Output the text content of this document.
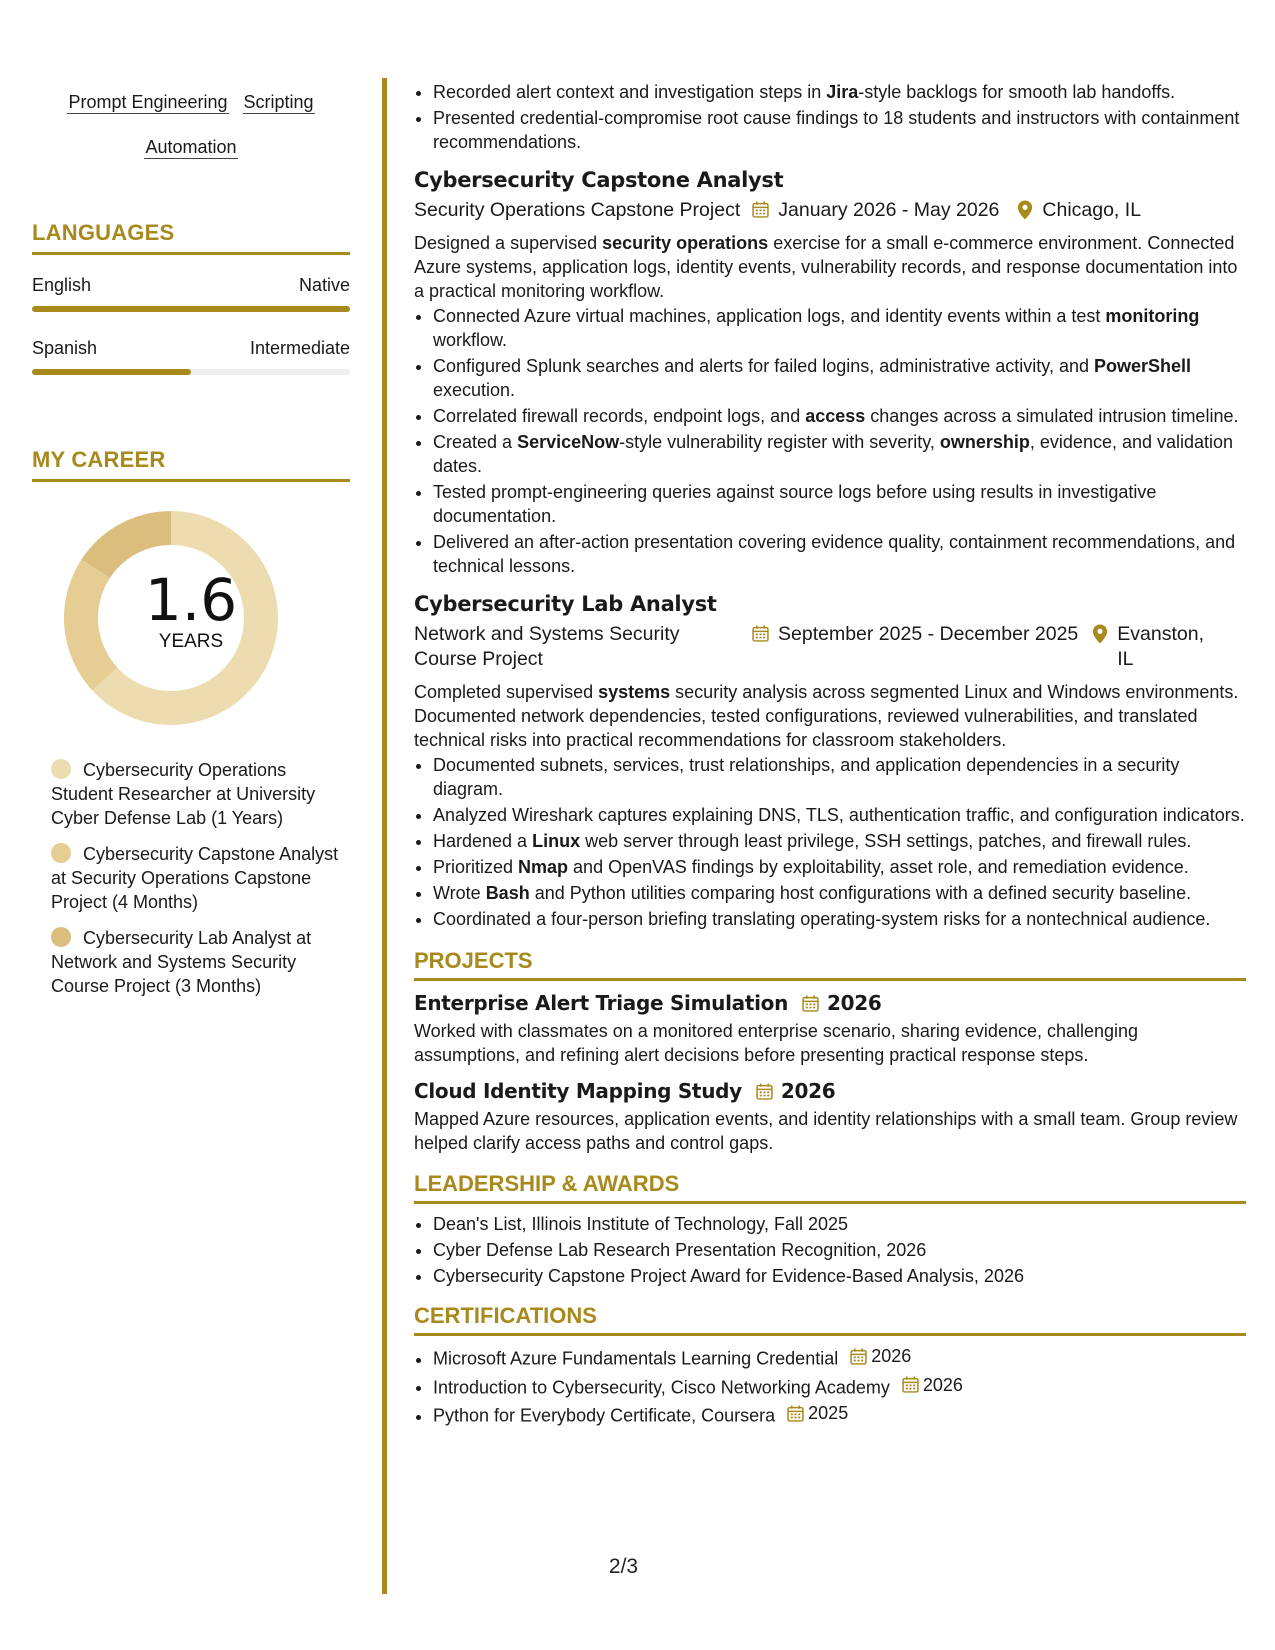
Prompt Engineering Scripting
Automation
LANGUAGES
English	Native
Spanish	Intermediate
MY CAREER
1.6
YEARS
Cybersecurity Operations Student Researcher at University Cyber Defense Lab (1 Years)
Cybersecurity Capstone Analyst at Security Operations Capstone Project (4 Months)
Cybersecurity Lab Analyst at Network and Systems Security Course Project (3 Months)
• Recorded alert context and investigation steps in Jira-style backlogs for smooth lab handoffs.
• Presented credential-compromise root cause findings to 18 students and instructors with containment recommendations.
Cybersecurity Capstone Analyst
Security Operations Capstone Project January 2026 - May 2026 Chicago, IL

Designed a supervised security operations exercise for a small e-commerce environment. Connected Azure systems, application logs, identity events, vulnerability records, and response documentation into a practical monitoring workflow.

• Connected Azure virtual machines, application logs, and identity events within a test monitoring workflow.
• Configured Splunk searches and alerts for failed logins, administrative activity, and PowerShell execution.
• Correlated firewall records, endpoint logs, and access changes across a simulated intrusion timeline.
• Created a ServiceNow-style vulnerability register with severity, ownership, evidence, and validation dates.
• Tested prompt-engineering queries against source logs before using results in investigative documentation.
• Delivered an after-action presentation covering evidence quality, containment recommendations, and technical lessons.
Cybersecurity Lab Analyst
Network and Systems Security Course Project
September 2025 - December 2025 Evanston, IL

Completed supervised systems security analysis across segmented Linux and Windows environments. Documented network dependencies, tested configurations, reviewed vulnerabilities, and translated technical risks into practical recommendations for classroom stakeholders.

• Documented subnets, services, trust relationships, and application dependencies in a security diagram.
• Analyzed Wireshark captures explaining DNS, TLS, authentication traffic, and configuration indicators.
• Hardened a Linux web server through least privilege, SSH settings, patches, and firewall rules.
• Prioritized Nmap and OpenVAS findings by exploitability, asset role, and remediation evidence.
• Wrote Bash and Python utilities comparing host configurations with a defined security baseline.
• Coordinated a four-person briefing translating operating-system risks for a nontechnical audience.
PROJECTS
Enterprise Alert Triage Simulation 2026
Worked with classmates on a monitored enterprise scenario, sharing evidence, challenging assumptions, and refining alert decisions before presenting practical response steps.
Cloud Identity Mapping Study 2026
Mapped Azure resources, application events, and identity relationships with a small team. Group review helped clarify access paths and control gaps.
LEADERSHIP & AWARDS
• Dean's List, Illinois Institute of Technology, Fall 2025
• Cyber Defense Lab Research Presentation Recognition, 2026
• Cybersecurity Capstone Project Award for Evidence-Based Analysis, 2026
CERTIFICATIONS
• Microsoft Azure Fundamentals Learning Credential 2026
• Introduction to Cybersecurity, Cisco Networking Academy 2026
• Python for Everybody Certificate, Coursera 2025
2/3
